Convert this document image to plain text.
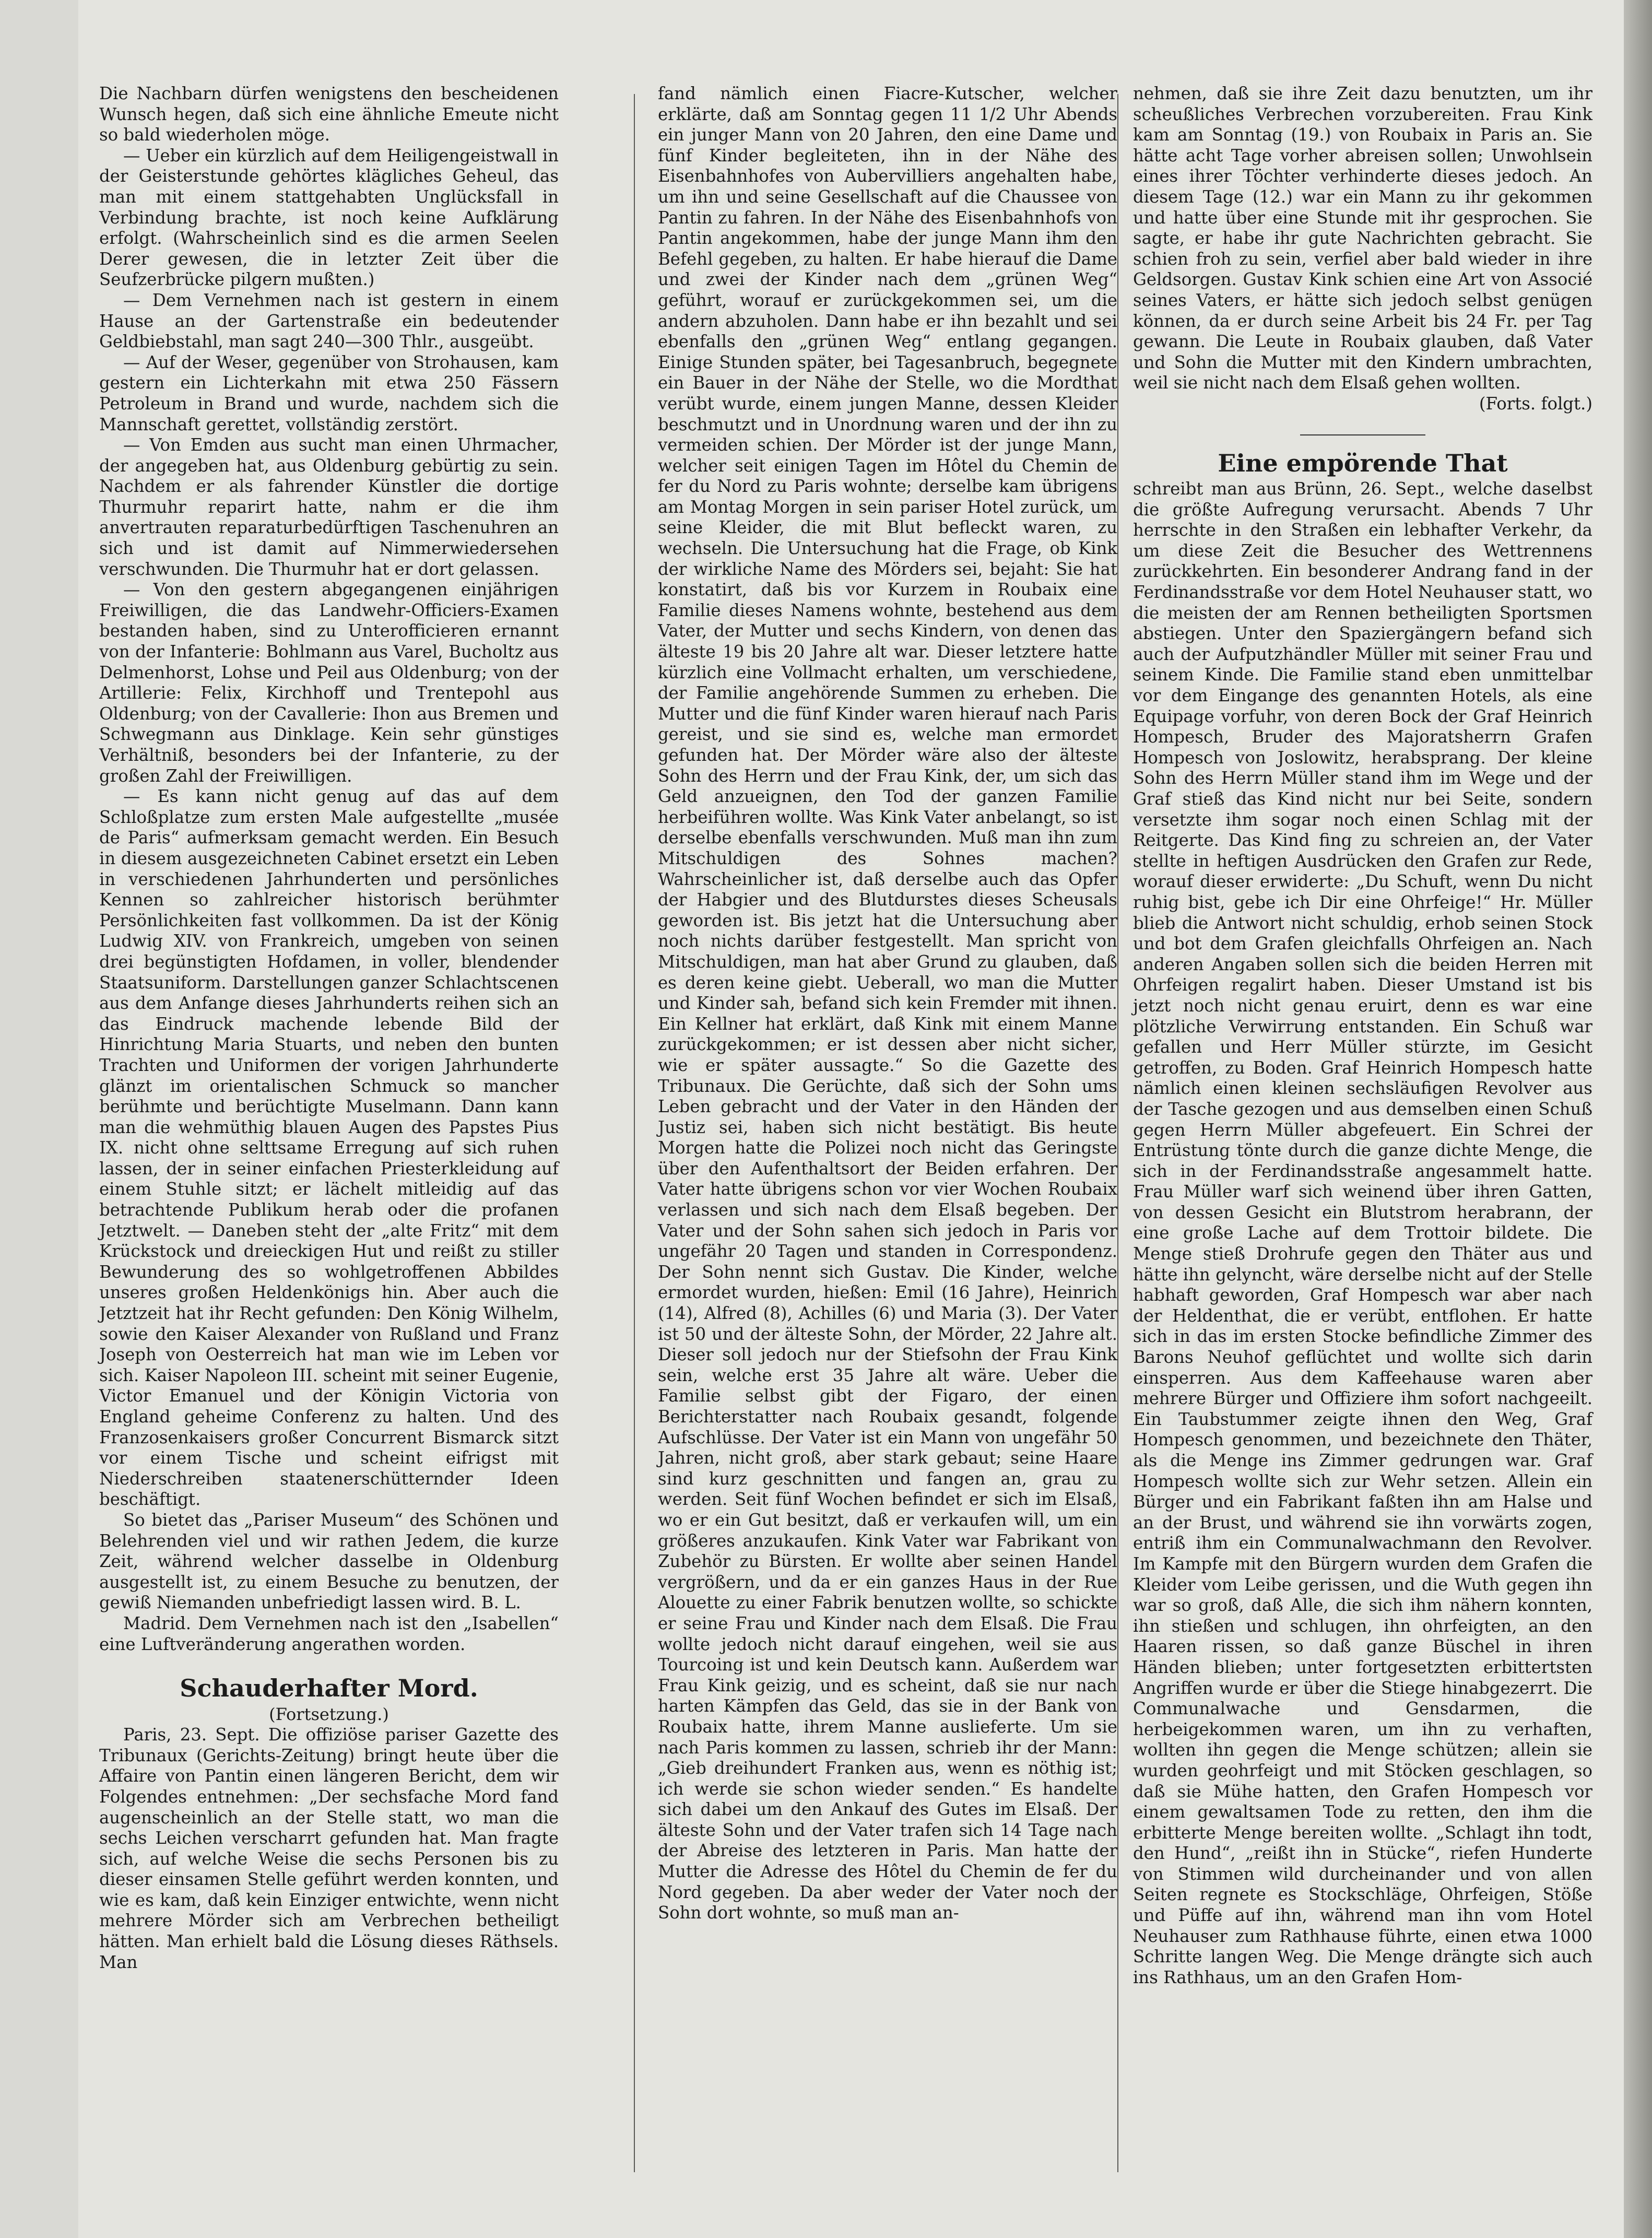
Die Nachbarn dürfen wenigstens den bescheidenen Wunsch hegen, daß sich eine ähnliche Emeute nicht so bald wiederholen möge.

— Ueber ein kürzlich auf dem Heiligengeistwall in der Geisterstunde gehörtes klägliches Geheul, das man mit einem stattgehabten Unglücksfall in Verbindung brachte, ist noch keine Aufklärung erfolgt. (Wahrscheinlich sind es die armen Seelen Derer gewesen, die in letzter Zeit über die Seufzerbrücke pilgern mußten.)

— Dem Vernehmen nach ist gestern in einem Hause an der Gartenstraße ein bedeutender Geldbiebstahl, man sagt 240—300 Thlr., ausgeübt.

— Auf der Weser, gegenüber von Strohausen, kam gestern ein Lichterkahn mit etwa 250 Fässern Petroleum in Brand und wurde, nachdem sich die Mannschaft gerettet, vollständig zerstört.

— Von Emden aus sucht man einen Uhrmacher, der angegeben hat, aus Oldenburg gebürtig zu sein. Nachdem er als fahrender Künstler die dortige Thurmuhr reparirt hatte, nahm er die ihm anvertrauten reparaturbedürftigen Taschenuhren an sich und ist damit auf Nimmerwiedersehen verschwunden. Die Thurmuhr hat er dort gelassen.

— Von den gestern abgegangenen einjährigen Freiwilligen, die das Landwehr-Officiers-Examen bestanden haben, sind zu Unterofficieren ernannt von der Infanterie: Bohlmann aus Varel, Bucholtz aus Delmenhorst, Lohse und Peil aus Oldenburg; von der Artillerie: Felix, Kirchhoff und Trentepohl aus Oldenburg; von der Cavallerie: Ihon aus Bremen und Schwegmann aus Dinklage. Kein sehr günstiges Verhältniß, besonders bei der Infanterie, zu der großen Zahl der Freiwilligen.

— Es kann nicht genug auf das auf dem Schloßplatze zum ersten Male aufgestellte „musée de Paris“ aufmerksam gemacht werden. Ein Besuch in diesem ausgezeichneten Cabinet ersetzt ein Leben in verschiedenen Jahrhunderten und persönliches Kennen so zahlreicher historisch berühmter Persönlichkeiten fast vollkommen. Da ist der König Ludwig XIV. von Frankreich, umgeben von seinen drei begünstigten Hofdamen, in voller, blendender Staatsuniform. Darstellungen ganzer Schlachtscenen aus dem Anfange dieses Jahrhunderts reihen sich an das Eindruck machende lebende Bild der Hinrichtung Maria Stuarts, und neben den bunten Trachten und Uniformen der vorigen Jahrhunderte glänzt im orientalischen Schmuck so mancher berühmte und berüchtigte Muselmann. Dann kann man die wehmüthig blauen Augen des Papstes Pius IX. nicht ohne selttsame Erregung auf sich ruhen lassen, der in seiner einfachen Priesterkleidung auf einem Stuhle sitzt; er lächelt mitleidig auf das betrachtende Publikum herab oder die profanen Jetztwelt. — Daneben steht der „alte Fritz“ mit dem Krückstock und dreieckigen Hut und reißt zu stiller Bewunderung des so wohlgetroffenen Abbildes unseres großen Heldenkönigs hin. Aber auch die Jetztzeit hat ihr Recht gefunden: Den König Wilhelm, sowie den Kaiser Alexander von Rußland und Franz Joseph von Oesterreich hat man wie im Leben vor sich. Kaiser Napoleon III. scheint mit seiner Eugenie, Victor Emanuel und der Königin Victoria von England geheime Conferenz zu halten. Und des Franzosenkaisers großer Concurrent Bismarck sitzt vor einem Tische und scheint eifrigst mit Niederschreiben staatenerschütternder Ideen beschäftigt.

So bietet das „Pariser Museum“ des Schönen und Belehrenden viel und wir rathen Jedem, die kurze Zeit, während welcher dasselbe in Oldenburg ausgestellt ist, zu einem Besuche zu benutzen, der gewiß Niemanden unbefriedigt lassen wird. B. L.

Madrid. Dem Vernehmen nach ist den „Isabellen“ eine Luftveränderung angerathen worden.

Schauderhafter Mord.
(Fortsetzung.)

Paris, 23. Sept. Die offiziöse pariser Gazette des Tribunaux (Gerichts-Zeitung) bringt heute über die Affaire von Pantin einen längeren Bericht, dem wir Folgendes entnehmen: „Der sechsfache Mord fand augenscheinlich an der Stelle statt, wo man die sechs Leichen verscharrt gefunden hat. Man fragte sich, auf welche Weise die sechs Personen bis zu dieser einsamen Stelle geführt werden konnten, und wie es kam, daß kein Einziger entwichte, wenn nicht mehrere Mörder sich am Verbrechen betheiligt hätten. Man erhielt bald die Lösung dieses Räthsels. Man

fand nämlich einen Fiacre-Kutscher, welcher erklärte, daß am Sonntag gegen 11 1/2 Uhr Abends ein junger Mann von 20 Jahren, den eine Dame und fünf Kinder begleiteten, ihn in der Nähe des Eisenbahnhofes von Aubervilliers angehalten habe, um ihn und seine Gesellschaft auf die Chaussee von Pantin zu fahren. In der Nähe des Eisenbahnhofs von Pantin angekommen, habe der junge Mann ihm den Befehl gegeben, zu halten. Er habe hierauf die Dame und zwei der Kinder nach dem „grünen Weg“ geführt, worauf er zurückgekommen sei, um die andern abzuholen. Dann habe er ihn bezahlt und sei ebenfalls den „grünen Weg“ entlang gegangen. Einige Stunden später, bei Tagesanbruch, begegnete ein Bauer in der Nähe der Stelle, wo die Mordthat verübt wurde, einem jungen Manne, dessen Kleider beschmutzt und in Unordnung waren und der ihn zu vermeiden schien. Der Mörder ist der junge Mann, welcher seit einigen Tagen im Hôtel du Chemin de fer du Nord zu Paris wohnte; derselbe kam übrigens am Montag Morgen in sein pariser Hotel zurück, um seine Kleider, die mit Blut befleckt waren, zu wechseln. Die Untersuchung hat die Frage, ob Kink der wirkliche Name des Mörders sei, bejaht: Sie hat konstatirt, daß bis vor Kurzem in Roubaix eine Familie dieses Namens wohnte, bestehend aus dem Vater, der Mutter und sechs Kindern, von denen das älteste 19 bis 20 Jahre alt war. Dieser letztere hatte kürzlich eine Vollmacht erhalten, um verschiedene, der Familie angehörende Summen zu erheben. Die Mutter und die fünf Kinder waren hierauf nach Paris gereist, und sie sind es, welche man ermordet gefunden hat. Der Mörder wäre also der älteste Sohn des Herrn und der Frau Kink, der, um sich das Geld anzueignen, den Tod der ganzen Familie herbeiführen wollte. Was Kink Vater anbelangt, so ist derselbe ebenfalls verschwunden. Muß man ihn zum Mitschuldigen des Sohnes machen? Wahrscheinlicher ist, daß derselbe auch das Opfer der Habgier und des Blutdurstes dieses Scheusals geworden ist. Bis jetzt hat die Untersuchung aber noch nichts darüber festgestellt. Man spricht von Mitschuldigen, man hat aber Grund zu glauben, daß es deren keine giebt. Ueberall, wo man die Mutter und Kinder sah, befand sich kein Fremder mit ihnen. Ein Kellner hat erklärt, daß Kink mit einem Manne zurückgekommen; er ist dessen aber nicht sicher, wie er später aussagte.“ So die Gazette des Tribunaux. Die Gerüchte, daß sich der Sohn ums Leben gebracht und der Vater in den Händen der Justiz sei, haben sich nicht bestätigt. Bis heute Morgen hatte die Polizei noch nicht das Geringste über den Aufenthaltsort der Beiden erfahren. Der Vater hatte übrigens schon vor vier Wochen Roubaix verlassen und sich nach dem Elsaß begeben. Der Vater und der Sohn sahen sich jedoch in Paris vor ungefähr 20 Tagen und standen in Correspondenz. Der Sohn nennt sich Gustav. Die Kinder, welche ermordet wurden, hießen: Emil (16 Jahre), Heinrich (14), Alfred (8), Achilles (6) und Maria (3). Der Vater ist 50 und der älteste Sohn, der Mörder, 22 Jahre alt. Dieser soll jedoch nur der Stiefsohn der Frau Kink sein, welche erst 35 Jahre alt wäre. Ueber die Familie selbst gibt der Figaro, der einen Berichterstatter nach Roubaix gesandt, folgende Aufschlüsse. Der Vater ist ein Mann von ungefähr 50 Jahren, nicht groß, aber stark gebaut; seine Haare sind kurz geschnitten und fangen an, grau zu werden. Seit fünf Wochen befindet er sich im Elsaß, wo er ein Gut besitzt, daß er verkaufen will, um ein größeres anzukaufen. Kink Vater war Fabrikant von Zubehör zu Bürsten. Er wollte aber seinen Handel vergrößern, und da er ein ganzes Haus in der Rue Alouette zu einer Fabrik benutzen wollte, so schickte er seine Frau und Kinder nach dem Elsaß. Die Frau wollte jedoch nicht darauf eingehen, weil sie aus Tourcoing ist und kein Deutsch kann. Außerdem war Frau Kink geizig, und es scheint, daß sie nur nach harten Kämpfen das Geld, das sie in der Bank von Roubaix hatte, ihrem Manne auslieferte. Um sie nach Paris kommen zu lassen, schrieb ihr der Mann: „Gieb dreihundert Franken aus, wenn es nöthig ist; ich werde sie schon wieder senden.“ Es handelte sich dabei um den Ankauf des Gutes im Elsaß. Der älteste Sohn und der Vater trafen sich 14 Tage nach der Abreise des letzteren in Paris. Man hatte der Mutter die Adresse des Hôtel du Chemin de fer du Nord gegeben. Da aber weder der Vater noch der Sohn dort wohnte, so muß man an-

nehmen, daß sie ihre Zeit dazu benutzten, um ihr scheußliches Verbrechen vorzubereiten. Frau Kink kam am Sonntag (19.) von Roubaix in Paris an. Sie hätte acht Tage vorher abreisen sollen; Unwohlsein eines ihrer Töchter verhinderte dieses jedoch. An diesem Tage (12.) war ein Mann zu ihr gekommen und hatte über eine Stunde mit ihr gesprochen. Sie sagte, er habe ihr gute Nachrichten gebracht. Sie schien froh zu sein, verfiel aber bald wieder in ihre Geldsorgen. Gustav Kink schien eine Art von Associé seines Vaters, er hätte sich jedoch selbst genügen können, da er durch seine Arbeit bis 24 Fr. per Tag gewann. Die Leute in Roubaix glauben, daß Vater und Sohn die Mutter mit den Kindern umbrachten, weil sie nicht nach dem Elsaß gehen wollten.

(Forts. folgt.)
Eine empörende That

schreibt man aus Brünn, 26. Sept., welche daselbst die größte Aufregung verursacht. Abends 7 Uhr herrschte in den Straßen ein lebhafter Verkehr, da um diese Zeit die Besucher des Wettrennens zurückkehrten. Ein besonderer Andrang fand in der Ferdinandsstraße vor dem Hotel Neuhauser statt, wo die meisten der am Rennen betheiligten Sportsmen abstiegen. Unter den Spaziergängern befand sich auch der Aufputzhändler Müller mit seiner Frau und seinem Kinde. Die Familie stand eben unmittelbar vor dem Eingange des genannten Hotels, als eine Equipage vorfuhr, von deren Bock der Graf Heinrich Hompesch, Bruder des Majoratsherrn Grafen Hompesch von Joslowitz, herabsprang. Der kleine Sohn des Herrn Müller stand ihm im Wege und der Graf stieß das Kind nicht nur bei Seite, sondern versetzte ihm sogar noch einen Schlag mit der Reitgerte. Das Kind fing zu schreien an, der Vater stellte in heftigen Ausdrücken den Grafen zur Rede, worauf dieser erwiderte: „Du Schuft, wenn Du nicht ruhig bist, gebe ich Dir eine Ohrfeige!“ Hr. Müller blieb die Antwort nicht schuldig, erhob seinen Stock und bot dem Grafen gleichfalls Ohrfeigen an. Nach anderen Angaben sollen sich die beiden Herren mit Ohrfeigen regalirt haben. Dieser Umstand ist bis jetzt noch nicht genau eruirt, denn es war eine plötzliche Verwirrung entstanden. Ein Schuß war gefallen und Herr Müller stürzte, im Gesicht getroffen, zu Boden. Graf Heinrich Hompesch hatte nämlich einen kleinen sechsläufigen Revolver aus der Tasche gezogen und aus demselben einen Schuß gegen Herrn Müller abgefeuert. Ein Schrei der Entrüstung tönte durch die ganze dichte Menge, die sich in der Ferdinandsstraße angesammelt hatte. Frau Müller warf sich weinend über ihren Gatten, von dessen Gesicht ein Blutstrom herabrann, der eine große Lache auf dem Trottoir bildete. Die Menge stieß Drohrufe gegen den Thäter aus und hätte ihn gelyncht, wäre derselbe nicht auf der Stelle habhaft geworden, Graf Hompesch war aber nach der Heldenthat, die er verübt, entflohen. Er hatte sich in das im ersten Stocke befindliche Zimmer des Barons Neuhof geflüchtet und wollte sich darin einsperren. Aus dem Kaffeehause waren aber mehrere Bürger und Offiziere ihm sofort nachgeeilt. Ein Taubstummer zeigte ihnen den Weg, Graf Hompesch genommen, und bezeichnete den Thäter, als die Menge ins Zimmer gedrungen war. Graf Hompesch wollte sich zur Wehr setzen. Allein ein Bürger und ein Fabrikant faßten ihn am Halse und an der Brust, und während sie ihn vorwärts zogen, entriß ihm ein Communalwachmann den Revolver. Im Kampfe mit den Bürgern wurden dem Grafen die Kleider vom Leibe gerissen, und die Wuth gegen ihn war so groß, daß Alle, die sich ihm nähern konnten, ihn stießen und schlugen, ihn ohrfeigten, an den Haaren rissen, so daß ganze Büschel in ihren Händen blieben; unter fortgesetzten erbittertsten Angriffen wurde er über die Stiege hinabgezerrt. Die Communalwache und Gensdarmen, die herbeigekommen waren, um ihn zu verhaften, wollten ihn gegen die Menge schützen; allein sie wurden geohrfeigt und mit Stöcken geschlagen, so daß sie Mühe hatten, den Grafen Hompesch vor einem gewaltsamen Tode zu retten, den ihm die erbitterte Menge bereiten wollte. „Schlagt ihn todt, den Hund“, „reißt ihn in Stücke“, riefen Hunderte von Stimmen wild durcheinander und von allen Seiten regnete es Stockschläge, Ohrfeigen, Stöße und Püffe auf ihn, während man ihn vom Hotel Neuhauser zum Rathhause führte, einen etwa 1000 Schritte langen Weg. Die Menge drängte sich auch ins Rathhaus, um an den Grafen Hom-
